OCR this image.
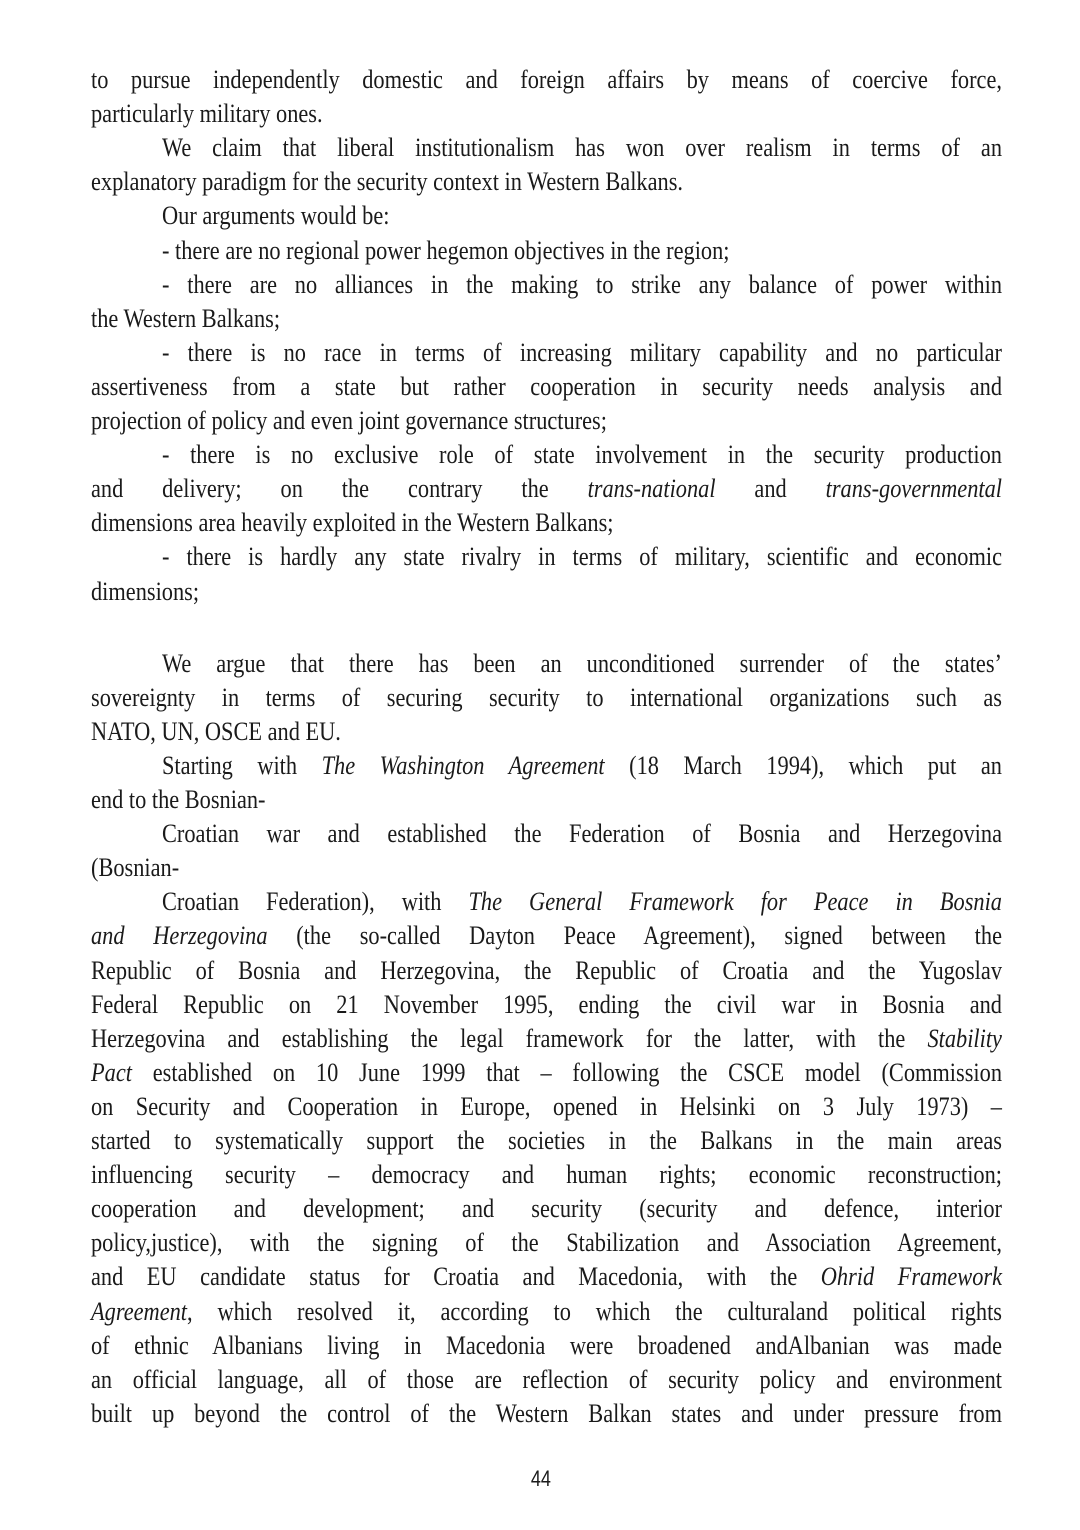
to pursue independently domestic and foreign affairs by means of coercive force,
particularly military ones.
We claim that liberal institutionalism has won over realism in terms of an
explanatory paradigm for the security context in Western Balkans.
Our arguments would be:
- there are no regional power hegemon objectives in the region;
- there are no alliances in the making to strike any balance of power within
the Western Balkans;
- there is no race in terms of increasing military capability and no particular
assertiveness from a state but rather cooperation in security needs analysis and
projection of policy and even joint governance structures;
- there is no exclusive role of state involvement in the security production
and delivery; on the contrary the trans-national and trans-governmental
dimensions area heavily exploited in the Western Balkans;
- there is hardly any state rivalry in terms of military, scientific and economic
dimensions;
We argue that there has been an unconditioned surrender of the states’
sovereignty in terms of securing security to international organizations such as
NATO, UN, OSCE and EU.
Starting with The Washington Agreement (18 March 1994), which put an
end to the Bosnian-
Croatian war and established the Federation of Bosnia and Herzegovina
(Bosnian-
Croatian Federation), with The General Framework for Peace in Bosnia
and Herzegovina (the so-called Dayton Peace Agreement), signed between the
Republic of Bosnia and Herzegovina, the Republic of Croatia and the Yugoslav
Federal Republic on 21 November 1995, ending the civil war in Bosnia and
Herzegovina and establishing the legal framework for the latter, with the Stability
Pact established on 10 June 1999 that – following the CSCE model (Commission
on Security and Cooperation in Europe, opened in Helsinki on 3 July 1973) –
started to systematically support the societies in the Balkans in the main areas
influencing security – democracy and human rights; economic reconstruction;
cooperation and development; and security (security and defence, interior
policy,justice), with the signing of the Stabilization and Association Agreement,
and EU candidate status for Croatia and Macedonia, with the Ohrid Framework
Agreement, which resolved it, according to which the culturaland political rights
of ethnic Albanians living in Macedonia were broadened andAlbanian was made
an official language, all of those are reflection of security policy and environment
built up beyond the control of the Western Balkan states and under pressure from
44
